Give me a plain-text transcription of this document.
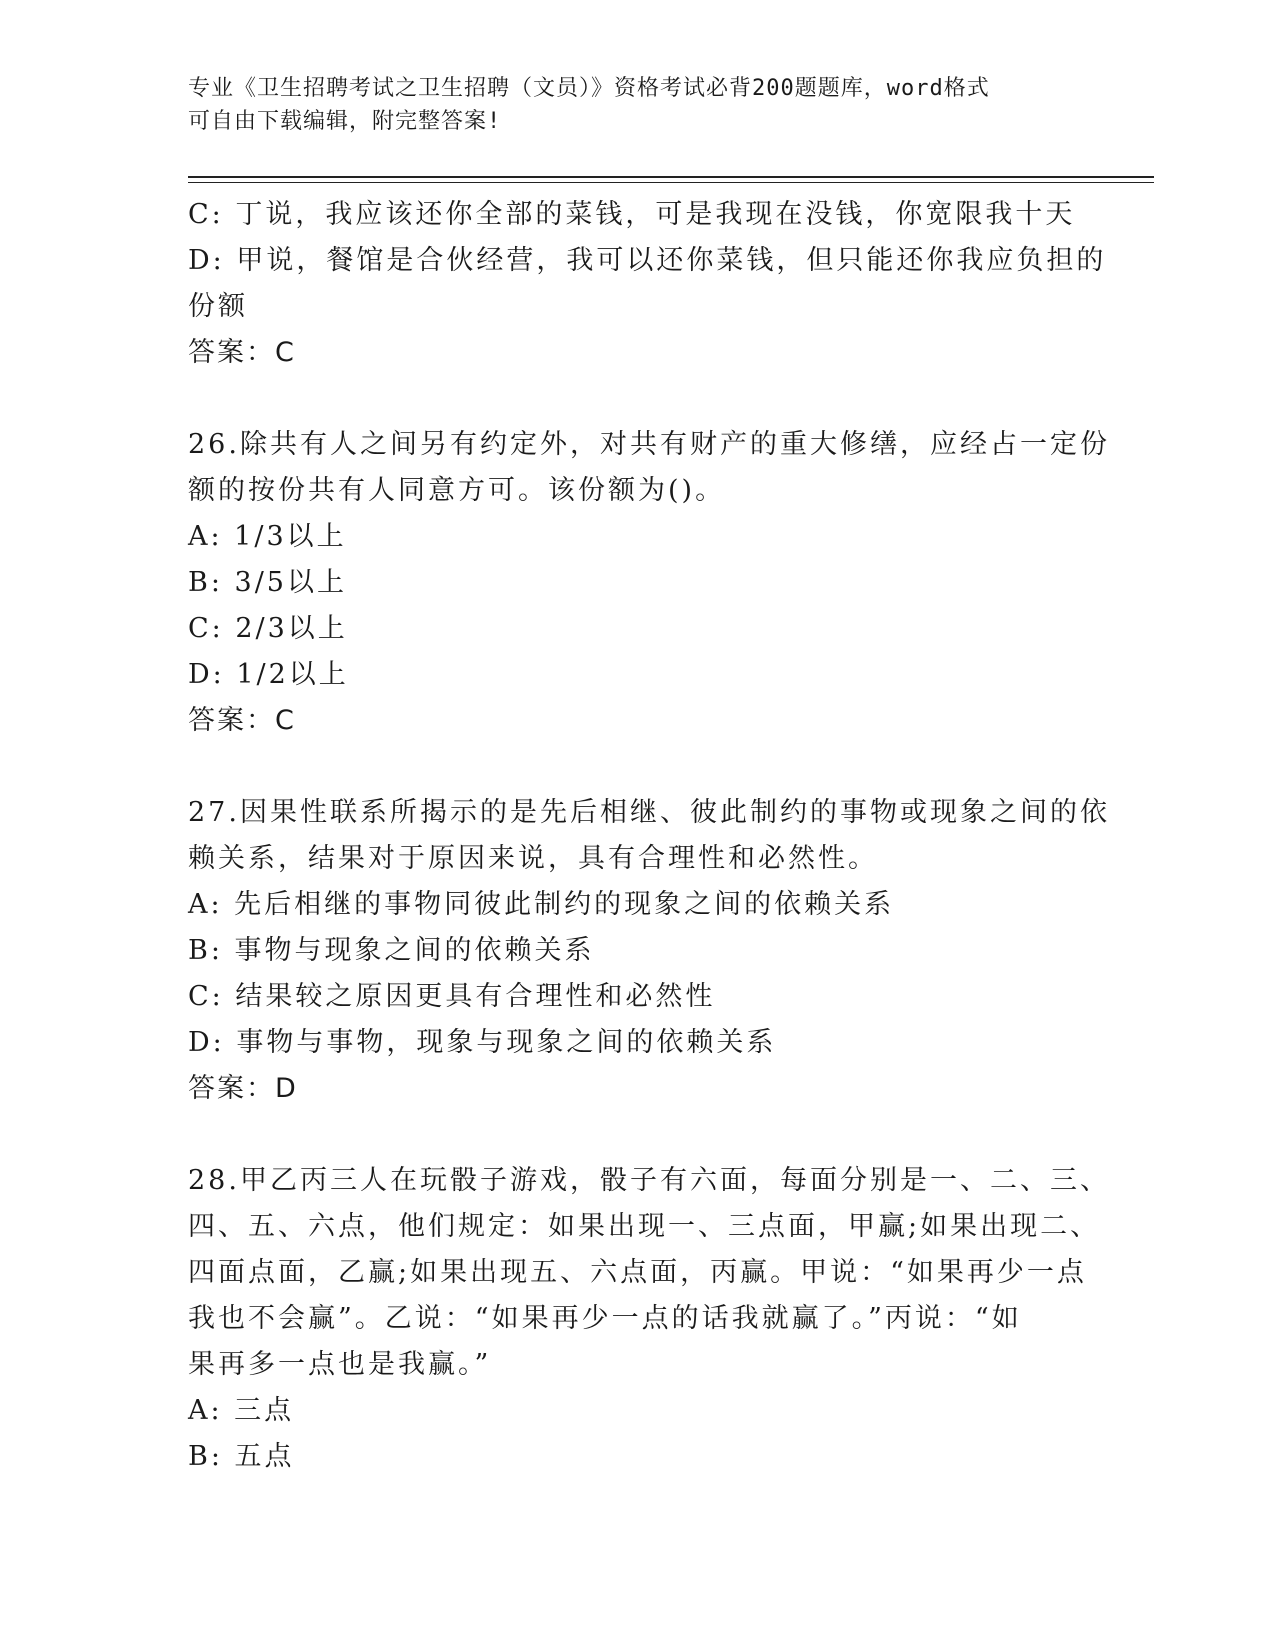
专业《卫生招聘考试之卫生招聘（文员）》资格考试必背200题题库，word格式
可自由下载编辑，附完整答案!
C: 丁说，我应该还你全部的菜钱，可是我现在没钱，你宽限我十天
D: 甲说，餐馆是合伙经营，我可以还你菜钱，但只能还你我应负担的
份额
答案：C
26.除共有人之间另有约定外，对共有财产的重大修缮，应经占一定份
额的按份共有人同意方可。该份额为()。
A: 1/3以上
B: 3/5以上
C: 2/3以上
D: 1/2以上
答案：C
27.因果性联系所揭示的是先后相继、彼此制约的事物或现象之间的依
赖关系，结果对于原因来说，具有合理性和必然性。
A: 先后相继的事物同彼此制约的现象之间的依赖关系
B: 事物与现象之间的依赖关系
C: 结果较之原因更具有合理性和必然性
D: 事物与事物，现象与现象之间的依赖关系
答案：D
28.甲乙丙三人在玩骰子游戏，骰子有六面，每面分别是一、二、三、
四、五、六点，他们规定：如果出现一、三点面，甲赢;如果出现二、
四面点面，乙赢;如果出现五、六点面，丙赢。甲说：“如果再少一点
我也不会赢”。乙说：“如果再少一点的话我就赢了。”丙说：“如
果再多一点也是我赢。”
A: 三点
B: 五点
